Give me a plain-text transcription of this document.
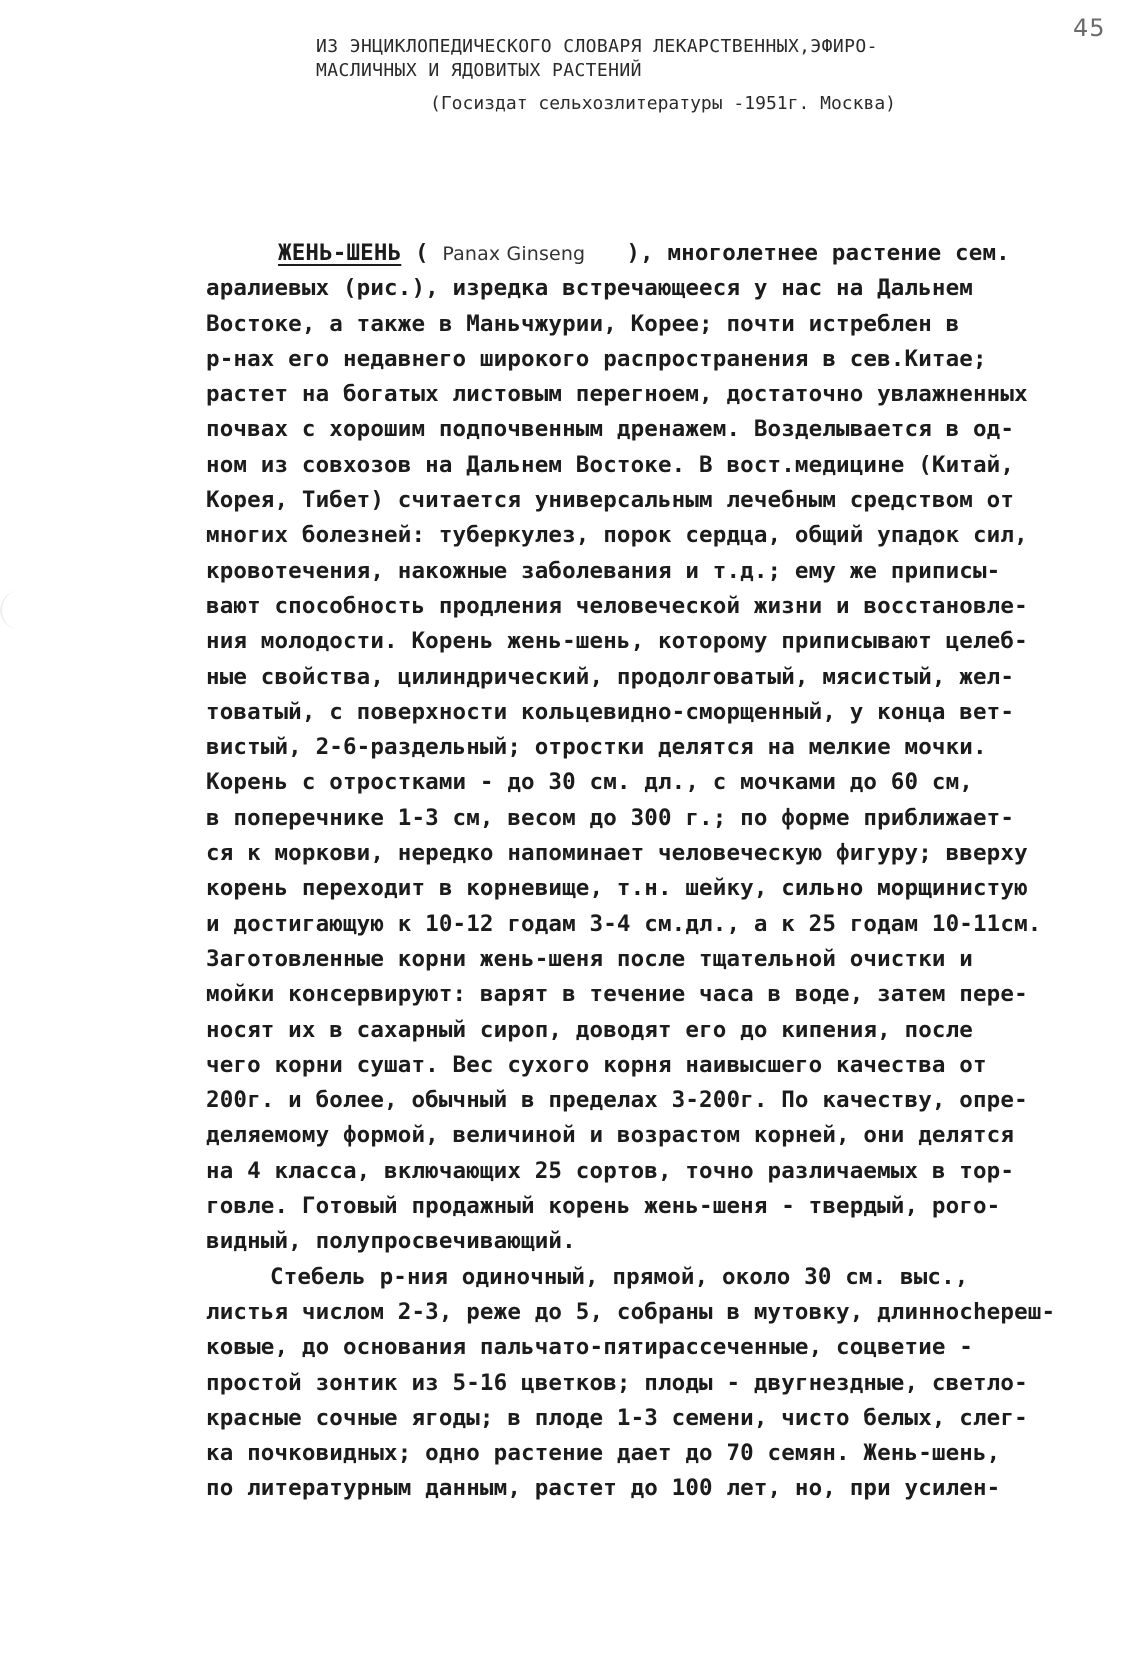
45
ИЗ ЭНЦИКЛОПЕДИЧЕСКОГО СЛОВАРЯ ЛЕКАРСТВЕННЫХ,ЭФИРО-
МАСЛИЧНЫХ И ЯДОВИТЫХ РАСТЕНИЙ
(Госиздат сельхозлитературы -1951г. Москва)
ЖЕНЬ-ШЕНЬ ( Panax Ginseng   ), многолетнее растение сем.
аралиевых (рис.), изредка встречающееся у нас на Дальнем
Востоке, а также в Маньчжурии, Корее; почти истреблен в
р-нах его недавнего широкого распространения в сев.Китае;
растет на богатых листовым перегноем, достаточно увлажненных
почвах с хорошим подпочвенным дренажем. Возделывается в од-
ном из совхозов на Дальнем Востоке. В вост.медицине (Китай,
Корея, Тибет) считается универсальным лечебным средством от
многих болезней: туберкулез, порок сердца, общий упадок сил,
кровотечения, накожные заболевания и т.д.; ему же приписы-
вают способность продления человеческой жизни и восстановле-
ния молодости. Корень жень-шень, которому приписывают целеб-
ные свойства, цилиндрический, продолговатый, мясистый, жел-
товатый, с поверхности кольцевидно-сморщенный, у конца вет-
вистый, 2-6-раздельный; отростки делятся на мелкие мочки.
Корень с отростками - до 30 см. дл., с мочками до 60 см,
в поперечнике 1-3 см, весом до 300 г.; по форме приближает-
ся к моркови, нередко напоминает человеческую фигуру; вверху
корень переходит в корневище, т.н. шейку, сильно морщинистую
и достигающую к 10-12 годам 3-4 см.дл., а к 25 годам 10-11см.
Заготовленные корни жень-шеня после тщательной очистки и
мойки консервируют: варят в течение часа в воде, затем пере-
носят их в сахарный сироп, доводят его до кипения, после
чего корни сушат. Вес сухого корня наивысшего качества от
200г. и более, обычный в пределах 3-200г. По качеству, опре-
деляемому формой, величиной и возрастом корней, они делятся
на 4 класса, включающих 25 сортов, точно различаемых в тор-
говле. Готовый продажный корень жень-шеня - твердый, рого-
видный, полупросвечивающий.
Стебель р-ния одиночный, прямой, около 30 см. выс.,
листья числом 2-3, реже до 5, собраны в мутовку, длиннochереш-
ковые, до основания пальчато-пятирассеченные, соцветие -
простой зонтик из 5-16 цветков; плоды - двугнездные, светло-
красные сочные ягоды; в плоде 1-3 семени, чисто белых, слег-
ка почковидных; одно растение дает до 70 семян. Жень-шень,
по литературным данным, растет до 100 лет, но, при усилен-
